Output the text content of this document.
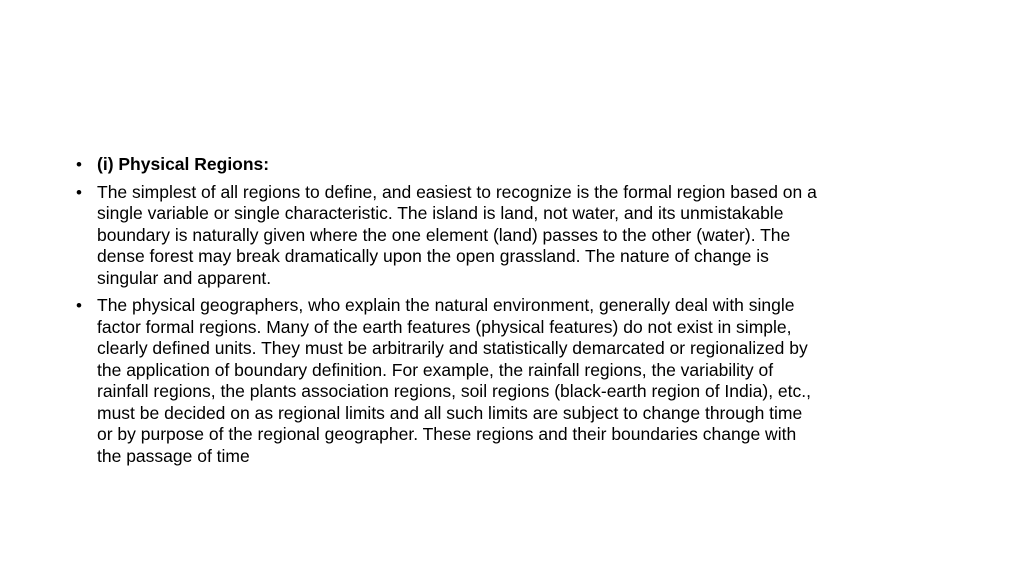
• (i) Physical Regions:
• The simplest of all regions to define, and easiest to recognize is the formal region based on a
single variable or single characteristic. The island is land, not water, and its unmistakable
boundary is naturally given where the one element (land) passes to the other (water). The
dense forest may break dramatically upon the open grassland. The nature of change is
singular and apparent.
• The physical geographers, who explain the natural environment, generally deal with single
factor formal regions. Many of the earth features (physical features) do not exist in simple,
clearly defined units. They must be arbitrarily and statistically demarcated or regionalized by
the application of boundary definition. For example, the rainfall regions, the variability of
rainfall regions, the plants association regions, soil regions (black-earth region of India), etc.,
must be decided on as regional limits and all such limits are subject to change through time
or by purpose of the regional geographer. These regions and their boundaries change with
the passage of time
